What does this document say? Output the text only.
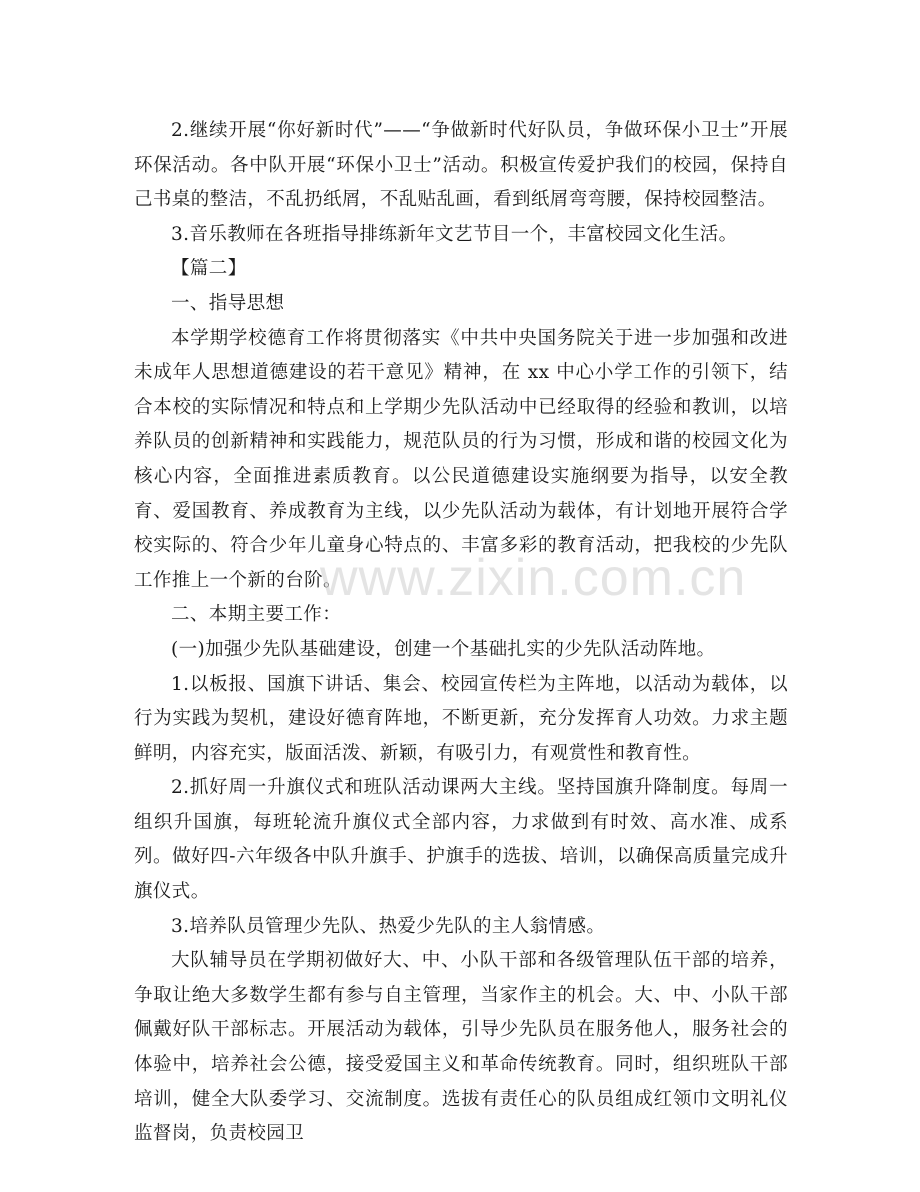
2.继续开展“你好新时代”——“争做新时代好队员，争做环保小卫士”开展环保活动。各中队开展“环保小卫士”活动。积极宣传爱护我们的校园，保持自己书桌的整洁，不乱扔纸屑，不乱贴乱画，看到纸屑弯弯腰，保持校园整洁。

3.音乐教师在各班指导排练新年文艺节目一个，丰富校园文化生活。

【篇二】

一、指导思想

本学期学校德育工作将贯彻落实《中共中央国务院关于进一步加强和改进未成年人思想道德建设的若干意见》精神，在 xx 中心小学工作的引领下，结合本校的实际情况和特点和上学期少先队活动中已经取得的经验和教训，以培养队员的创新精神和实践能力，规范队员的行为习惯，形成和谐的校园文化为核心内容，全面推进素质教育。以公民道德建设实施纲要为指导，以安全教育、爱国教育、养成教育为主线，以少先队活动为载体，有计划地开展符合学校实际的、符合少年儿童身心特点的、丰富多彩的教育活动，把我校的少先队工作推上一个新的台阶。

二、本期主要工作：

(一)加强少先队基础建设，创建一个基础扎实的少先队活动阵地。

1.以板报、国旗下讲话、集会、校园宣传栏为主阵地，以活动为载体，以行为实践为契机，建设好德育阵地，不断更新，充分发挥育人功效。力求主题鲜明，内容充实，版面活泼、新颖，有吸引力，有观赏性和教育性。

2.抓好周一升旗仪式和班队活动课两大主线。坚持国旗升降制度。每周一组织升国旗，每班轮流升旗仪式全部内容，力求做到有时效、高水准、成系列。做好四-六年级各中队升旗手、护旗手的选拔、培训，以确保高质量完成升旗仪式。

3.培养队员管理少先队、热爱少先队的主人翁情感。

大队辅导员在学期初做好大、中、小队干部和各级管理队伍干部的培养，争取让绝大多数学生都有参与自主管理，当家作主的机会。大、中、小队干部佩戴好队干部标志。开展活动为载体，引导少先队员在服务他人，服务社会的体验中，培养社会公德，接受爱国主义和革命传统教育。同时，组织班队干部培训，健全大队委学习、交流制度。选拔有责任心的队员组成红领巾文明礼仪监督岗，负责校园卫

www.zixin.com.cn
